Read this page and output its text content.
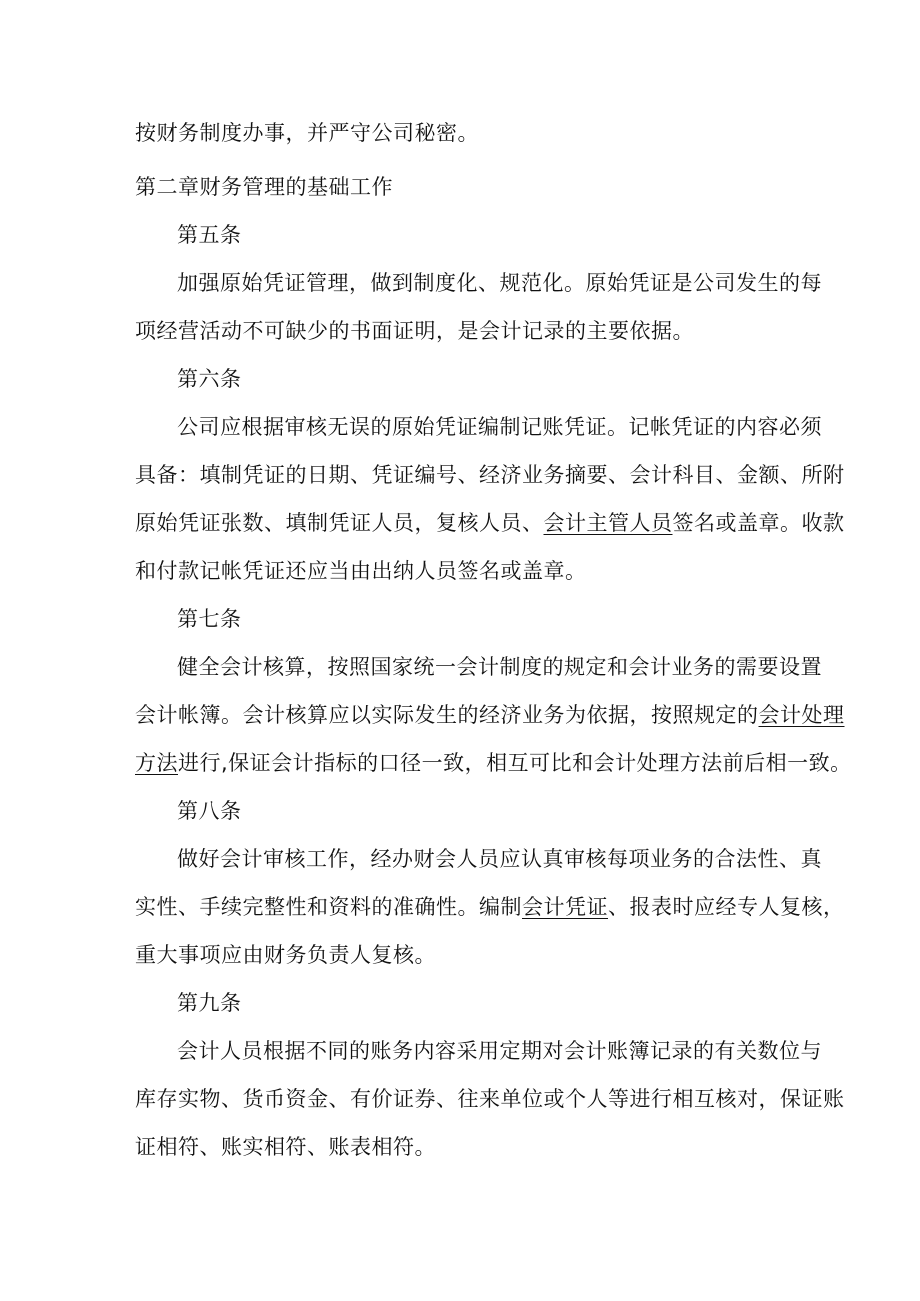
按财务制度办事，并严守公司秘密。
第二章财务管理的基础工作
第五条
加强原始凭证管理，做到制度化、规范化。原始凭证是公司发生的每
项经营活动不可缺少的书面证明，是会计记录的主要依据。
第六条
公司应根据审核无误的原始凭证编制记账凭证。记帐凭证的内容必须
具备：填制凭证的日期、凭证编号、经济业务摘要、会计科目、金额、所附
原始凭证张数、填制凭证人员，复核人员、会计主管人员签名或盖章。收款
和付款记帐凭证还应当由出纳人员签名或盖章。
第七条
健全会计核算，按照国家统一会计制度的规定和会计业务的需要设置
会计帐簿。会计核算应以实际发生的经济业务为依据，按照规定的会计处理
方法进行,保证会计指标的口径一致，相互可比和会计处理方法前后相一致。
第八条
做好会计审核工作，经办财会人员应认真审核每项业务的合法性、真
实性、手续完整性和资料的准确性。编制会计凭证、报表时应经专人复核，
重大事项应由财务负责人复核。
第九条
会计人员根据不同的账务内容采用定期对会计账簿记录的有关数位与
库存实物、货币资金、有价证券、往来单位或个人等进行相互核对，保证账
证相符、账实相符、账表相符。
